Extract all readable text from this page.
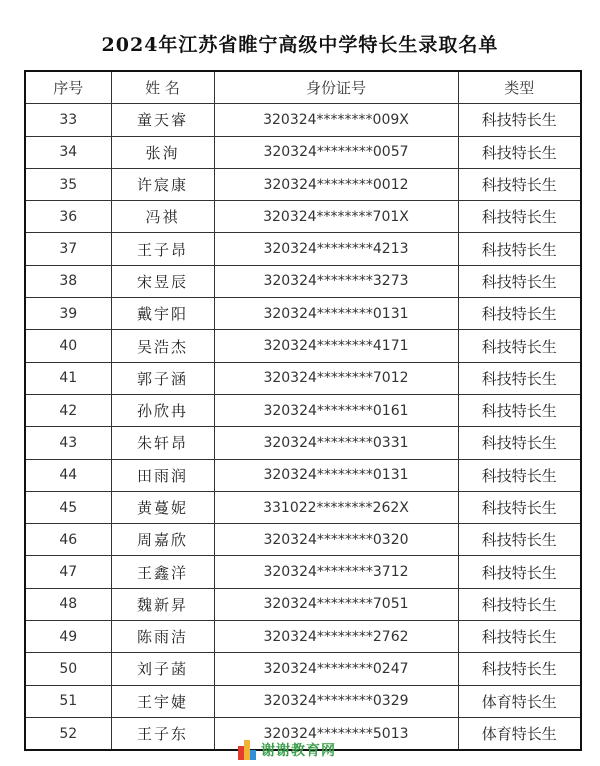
2024年江苏省睢宁高级中学特长生录取名单
序号	姓 名	身份证号	类型
33	童天睿	320324********009X	科技特长生
34	张洵	320324********0057	科技特长生
35	许宸康	320324********0012	科技特长生
36	冯祺	320324********701X	科技特长生
37	王子昂	320324********4213	科技特长生
38	宋昱辰	320324********3273	科技特长生
39	戴宇阳	320324********0131	科技特长生
40	吴浩杰	320324********4171	科技特长生
41	郭子涵	320324********7012	科技特长生
42	孙欣冉	320324********0161	科技特长生
43	朱轩昂	320324********0331	科技特长生
44	田雨润	320324********0131	科技特长生
45	黄蔓妮	331022********262X	科技特长生
46	周嘉欣	320324********0320	科技特长生
47	王鑫洋	320324********3712	科技特长生
48	魏新昇	320324********7051	科技特长生
49	陈雨洁	320324********2762	科技特长生
50	刘子菡	320324********0247	科技特长生
51	王宇婕	320324********0329	体育特长生
52	王子东	320324********5013	体育特长生
谢谢教育网
